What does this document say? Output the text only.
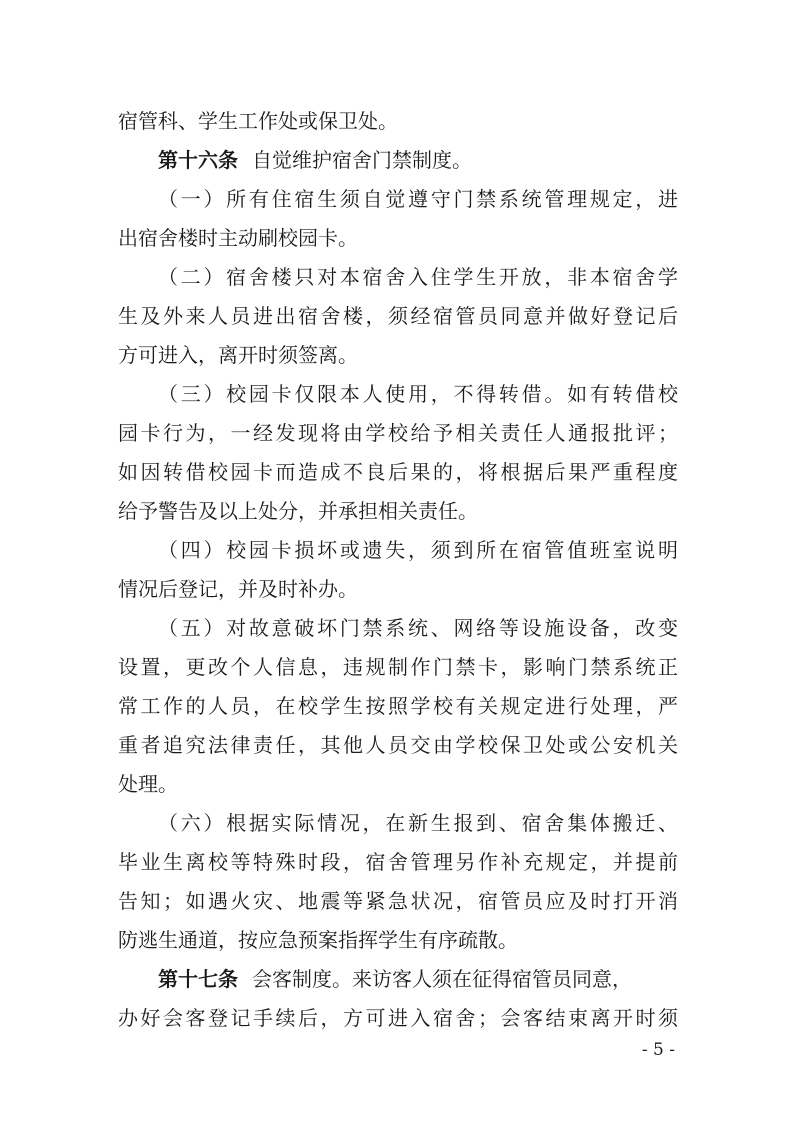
宿管科、学生工作处或保卫处。
第十六条 自觉维护宿舍门禁制度。
（一）所有住宿生须自觉遵守门禁系统管理规定，进
出宿舍楼时主动刷校园卡。
（二）宿舍楼只对本宿舍入住学生开放，非本宿舍学
生及外来人员进出宿舍楼，须经宿管员同意并做好登记后
方可进入，离开时须签离。
（三）校园卡仅限本人使用，不得转借。如有转借校
园卡行为，一经发现将由学校给予相关责任人通报批评；
如因转借校园卡而造成不良后果的，将根据后果严重程度
给予警告及以上处分，并承担相关责任。
（四）校园卡损坏或遗失，须到所在宿管值班室说明
情况后登记，并及时补办。
（五）对故意破坏门禁系统、网络等设施设备，改变
设置，更改个人信息，违规制作门禁卡，影响门禁系统正
常工作的人员，在校学生按照学校有关规定进行处理，严
重者追究法律责任，其他人员交由学校保卫处或公安机关
处理。
（六）根据实际情况，在新生报到、宿舍集体搬迁、
毕业生离校等特殊时段，宿舍管理另作补充规定，并提前
告知；如遇火灾、地震等紧急状况，宿管员应及时打开消
防逃生通道，按应急预案指挥学生有序疏散。
第十七条 会客制度。来访客人须在征得宿管员同意，
办好会客登记手续后，方可进入宿舍；会客结束离开时须
- 5 -
